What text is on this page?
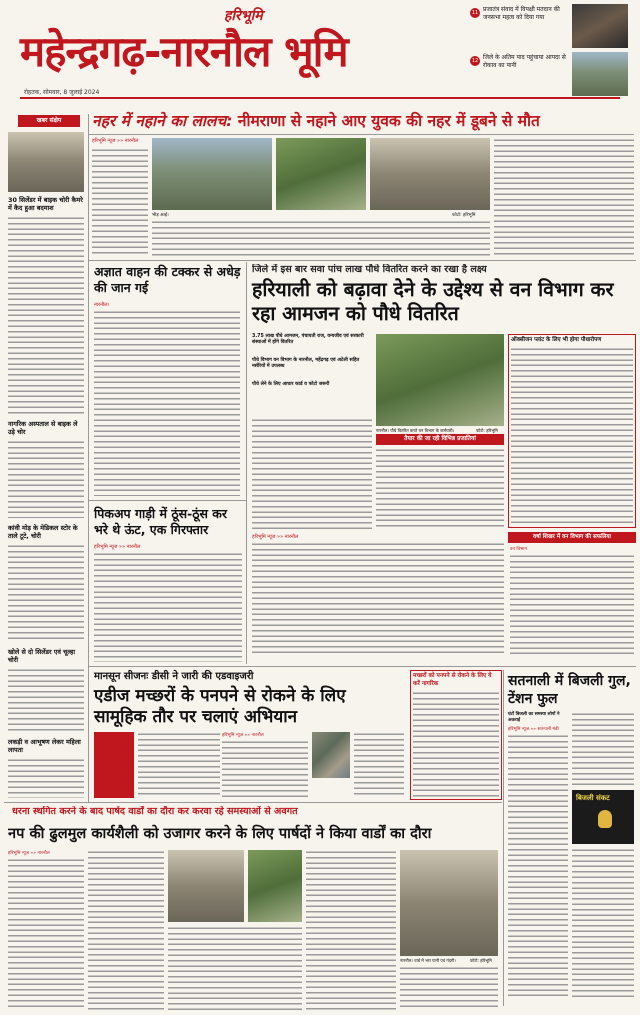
हरिभूमि
महेन्द्रगढ़-नारनौल भूमि
रोहतक, सोमवार, 8 जुलाई 2024
11 प्रजातंत्र संवाद में विपक्षी मतदान की जनसभा महत्व को दिया गया
12 जिले के अतिम पाद पहुंचाया आपदा से रोकाव का पानी
खबर संक्षेप	नहर में नहाने का लालच: नीमराणा से नहाने आए युवक की नहर में डूबने से मौत
30 सिलेंडर में बाइक चोरी कैमरे में कैद हुआ बदमाश
नागरिक अस्पताल से बाइक ले उड़े चोर
कांवी मोड़ के मेडिकल स्टोर के ताले टूटे, चोरी
खोले से दो सिलेंडर एवं चूल्हा चोरी
लकड़ी व आभूषण लेकर महिला लापता
हरिभूमि न्यूज »» नारनौल
भीड़ आई।	फोटो: हरिभूमि
अज्ञात वाहन की टक्कर से अधेड़ की जान गई
नारनौल।
पिकअप गाड़ी में ठूंस-ठूंस कर भरे थे ऊंट, एक गिरफ्तार
हरिभूमि न्यूज »» नारनौल
जिले में इस बार सवा पांच लाख पौधे वितरित करने का रखा है लक्ष्य
हरियाली को बढ़ावा देने के उद्देश्य से वन विभाग कर रहा आमजन को पौधे वितरित
3.75 लाख पौधे आमजन, पंचायती राज, वन्यजीव एवं सरकारी संस्थाओं में होंगे वितरित
पौधे विभाग वन विभाग के नारनौल, महेंद्रगढ़ एवं अटेली सहित नर्सरियों में उपलब्ध
पौधे लेने के लिए आधार कार्ड व फोटो जरूरी
नारनौल। पौधे वितरित करते वन विभाग के कर्मचारी।	फोटो: हरिभूमि
तैयार की जा रही विभिन्न प्रजातियां
ऑक्सीजन प्लांट के लिए भी होगा पौधारोपण
हरिभूमि न्यूज »» नारनौल	वर्षा शिखर में वन विभाग की सफलिया
वन विभाग
मानसून सीजनः डीसी ने जारी की एडवाइजरी
एडीज मच्छरों के पनपने से रोकने के लिए सामूहिक तौर पर चलाएं अभियान
हरिभूमि न्यूज »» नारनौल
मच्छरों को पनपने से रोकने के लिए ये करें नागरिक	सतनाली में बिजली गुल, टेंशन फुल
घंटों बिजली का समस्या लोगों ने अकराई
हरिभूमि न्यूज »» सतनाली मंडी
बिजली संकट
धरना स्थगित करने के बाद पार्षद वार्डों का दौरा कर करवा रहे समस्याओं से अवगत
नप की ढुलमुल कार्यशैली को उजागर करने के लिए पार्षदों ने किया वार्डों का दौरा
हरिभूमि न्यूज »» नारनौल
नारनौल। वार्ड में भरा पानी एवं गंदगी।	फोटो: हरिभूमि
